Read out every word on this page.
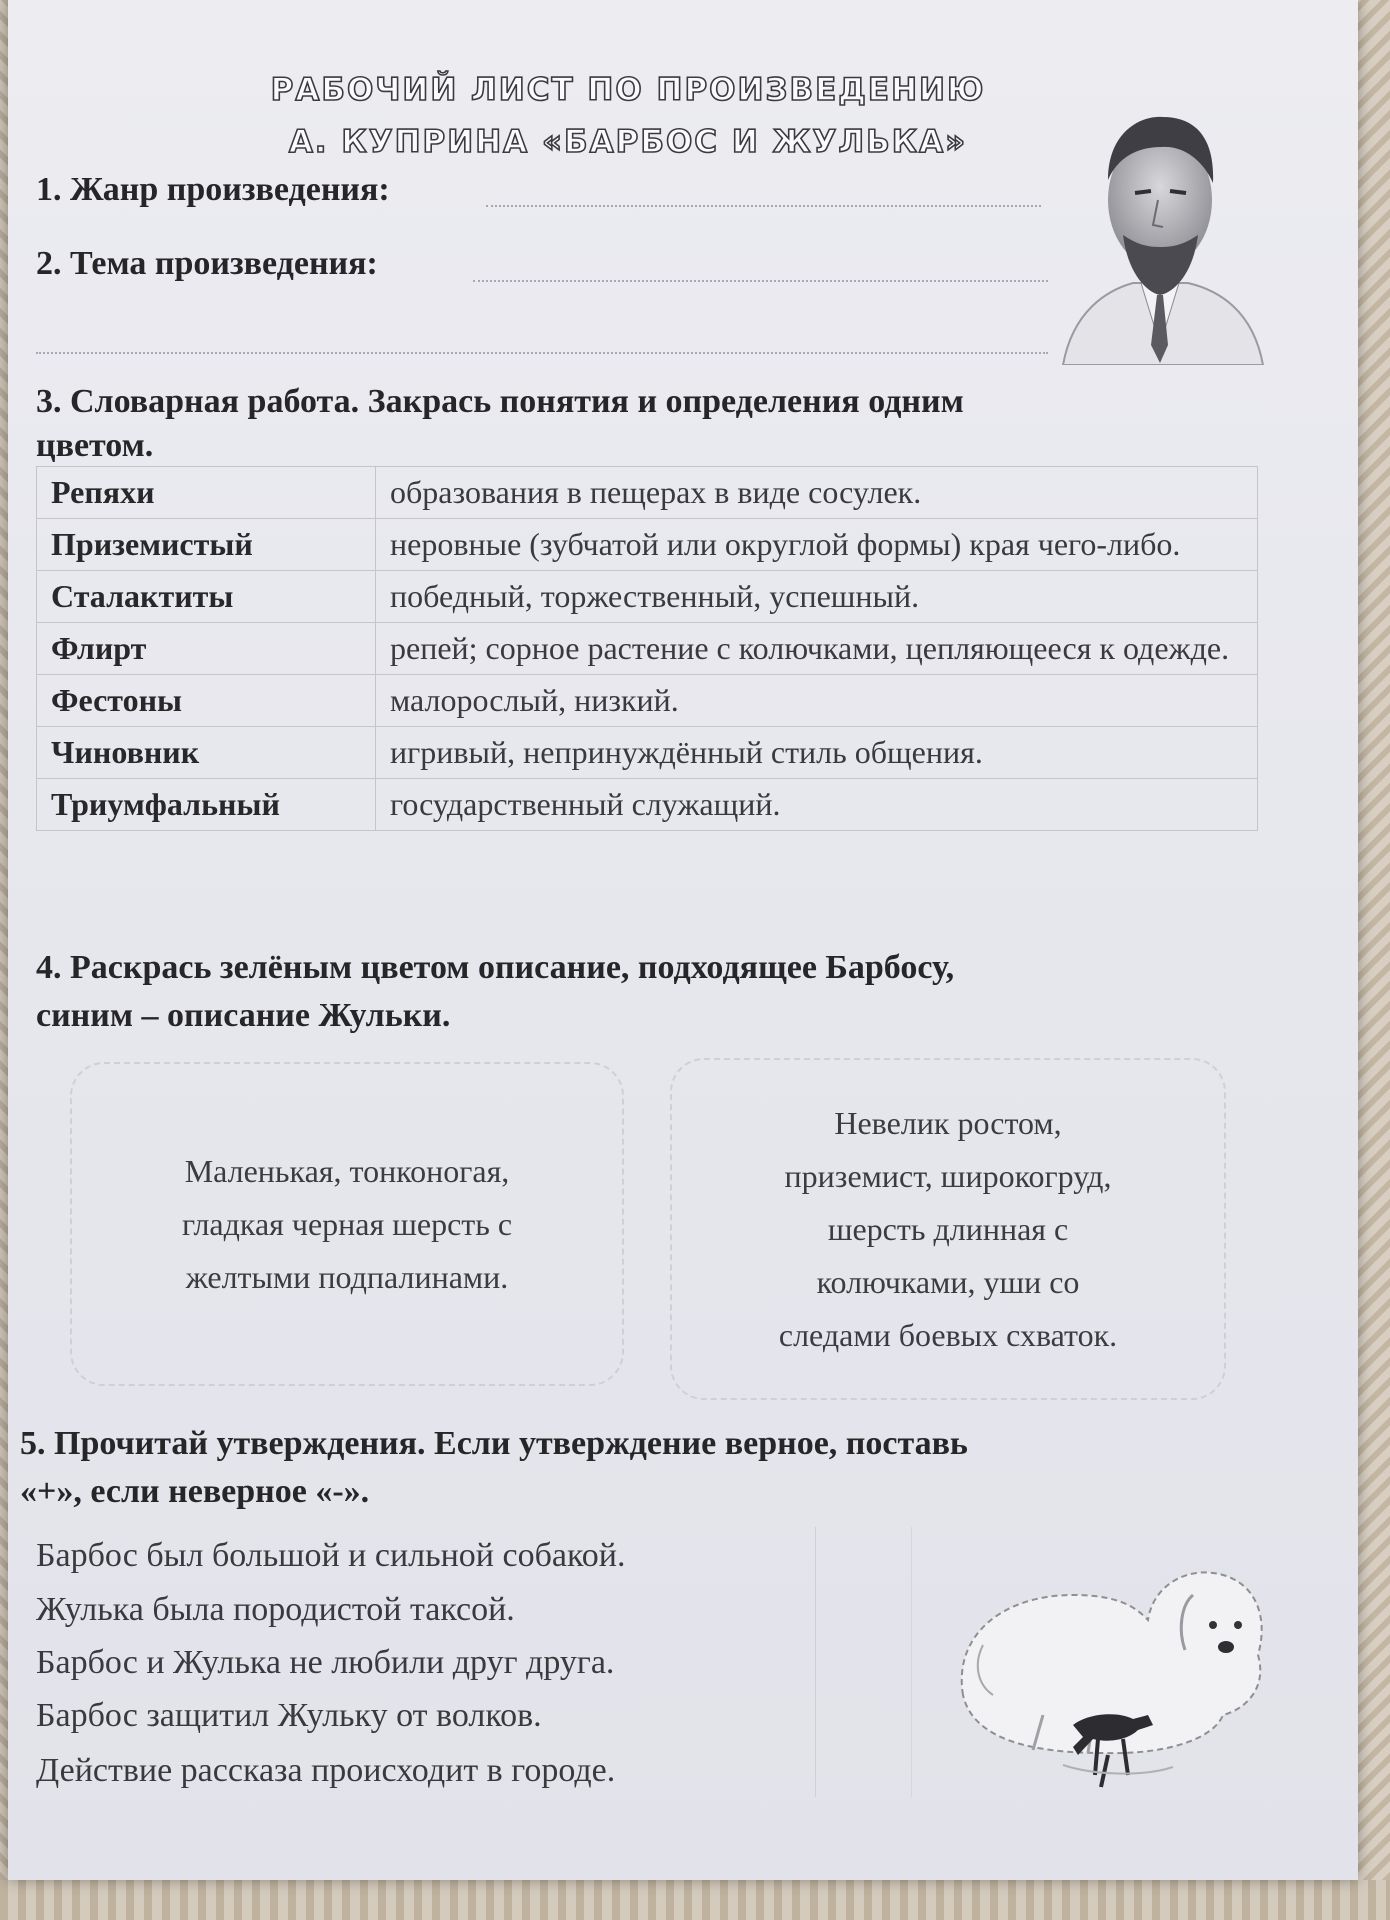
РАБОЧИЙ ЛИСТ ПО ПРОИЗВЕДЕНИЮ
А. КУПРИНА «БАРБОС И ЖУЛЬКА»
1. Жанр произведения:
2. Тема произведения:
3. Словарная работа. Закрась понятия и определения одним
цветом.
Репяхи	образования в пещерах в виде сосулек.
Приземистый	неровные (зубчатой или округлой формы) края чего-либо.
Сталактиты	победный, торжественный, успешный.
Флирт	репей; сорное растение с колючками, цепляющееся к одежде.
Фестоны	малорослый, низкий.
Чиновник	игривый, непринуждённый стиль общения.
Триумфальный	государственный служащий.
4. Раскрась зелёным цветом описание, подходящее Барбосу,
синим – описание Жульки.
Маленькая, тонконогая,
гладкая черная шерсть с
желтыми подпалинами.
Невелик ростом,
приземист, широкогруд,
шерсть длинная с
колючками, уши со
следами боевых схваток.
5. Прочитай утверждения. Если утверждение верное, поставь
«+», если неверное «-».
Барбос был большой и сильной собакой.
Жулька была породистой таксой.
Барбос и Жулька не любили друг друга.
Барбос защитил Жульку от волков.
Действие рассказа происходит в городе.
